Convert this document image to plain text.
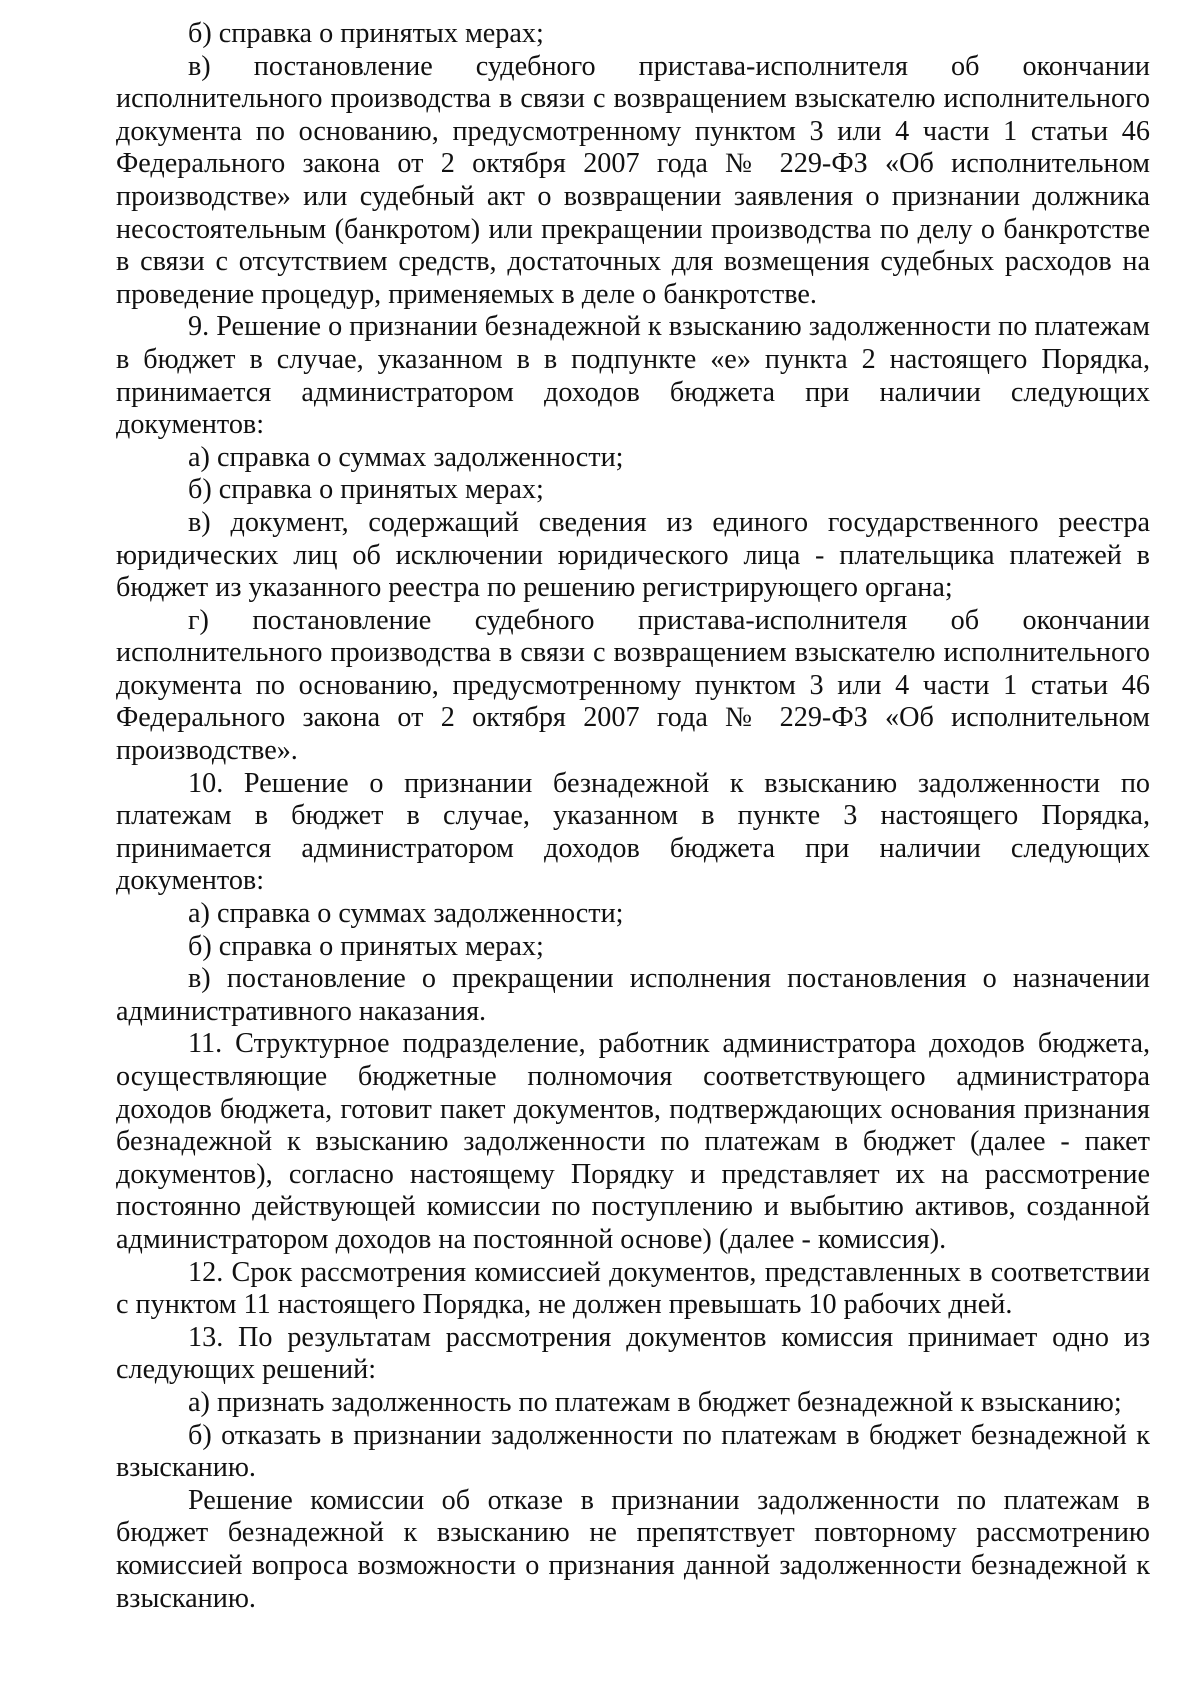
б) справка о принятых мерах;

в) постановление судебного пристава-исполнителя об окончании исполнительного производства в связи с возвращением взыскателю исполнительного документа по основанию, предусмотренному пунктом 3 или 4 части 1 статьи 46 Федерального закона от 2 октября 2007 года № 229-ФЗ «Об исполнительном производстве» или судебный акт о возвращении заявления о признании должника несостоятельным (банкротом) или прекращении производства по делу о банкротстве в связи с отсутствием средств, достаточных для возмещения судебных расходов на проведение процедур, применяемых в деле о банкротстве.

9. Решение о признании безнадежной к взысканию задолженности по платежам в бюджет в случае, указанном в в подпункте «е» пункта 2 настоящего Порядка, принимается администратором доходов бюджета при наличии следующих документов:

а) справка о суммах задолженности;

б) справка о принятых мерах;

в) документ, содержащий сведения из единого государственного реестра юридических лиц об исключении юридического лица - плательщика платежей в бюджет из указанного реестра по решению регистрирующего органа;

г) постановление судебного пристава-исполнителя об окончании исполнительного производства в связи с возвращением взыскателю исполнительного документа по основанию, предусмотренному пунктом 3 или 4 части 1 статьи 46 Федерального закона от 2 октября 2007 года № 229-ФЗ «Об исполнительном производстве».

10. Решение о признании безнадежной к взысканию задолженности по платежам в бюджет в случае, указанном в пункте 3 настоящего Порядка, принимается администратором доходов бюджета при наличии следующих документов:

а) справка о суммах задолженности;

б) справка о принятых мерах;

в) постановление о прекращении исполнения постановления о назначении административного наказания.

11. Структурное подразделение, работник администратора доходов бюджета, осуществляющие бюджетные полномочия соответствующего администратора доходов бюджета, готовит пакет документов, подтверждающих основания признания безнадежной к взысканию задолженности по платежам в бюджет (далее - пакет документов), согласно настоящему Порядку и представляет их на рассмотрение постоянно действующей комиссии по поступлению и выбытию активов, созданной администратором доходов на постоянной основе) (далее - комиссия).

12. Срок рассмотрения комиссией документов, представленных в соответствии с пунктом 11 настоящего Порядка, не должен превышать 10 рабочих дней.

13. По результатам рассмотрения документов комиссия принимает одно из следующих решений:

а) признать задолженность по платежам в бюджет безнадежной к взысканию;

б) отказать в признании задолженности по платежам в бюджет безнадежной к взысканию.

Решение комиссии об отказе в признании задолженности по платежам в бюджет безнадежной к взысканию не препятствует повторному рассмотрению комиссией вопроса возможности о признания данной задолженности безнадежной к взысканию.
